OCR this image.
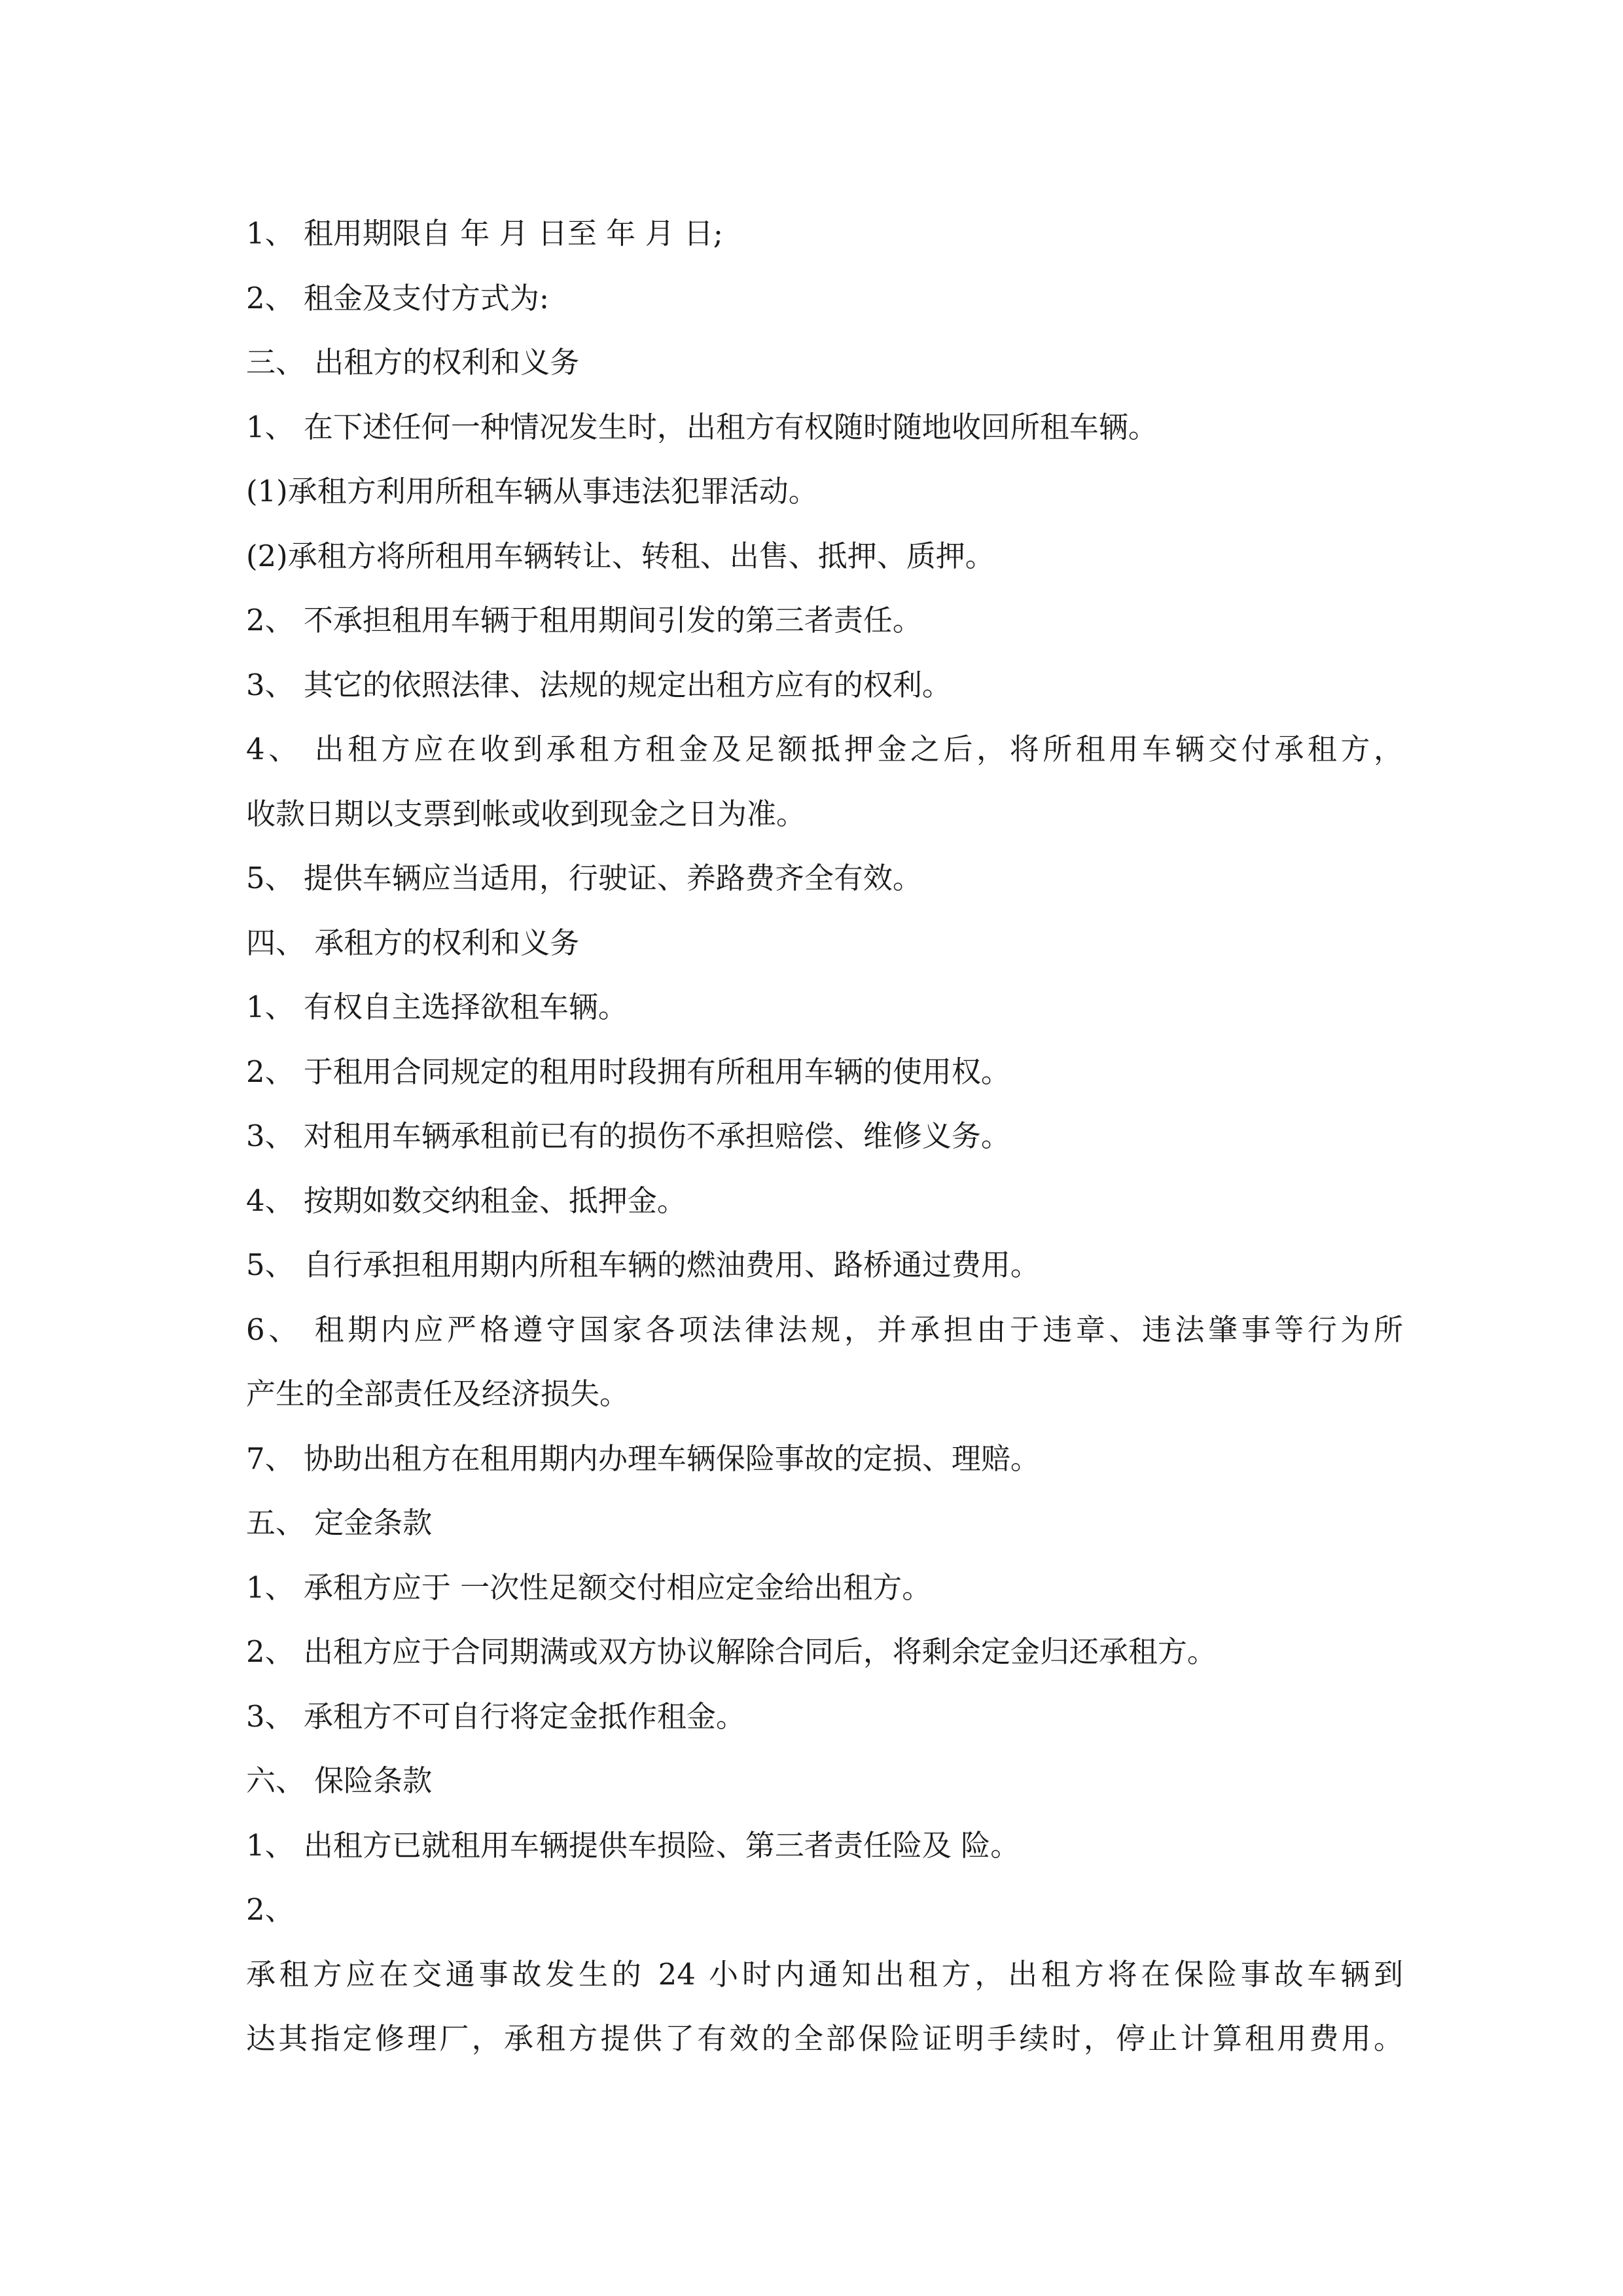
1、 租用期限自 年 月 日至 年 月 日;
2、 租金及支付方式为:
三、 出租方的权利和义务
1、 在下述任何一种情况发生时，出租方有权随时随地收回所租车辆。
(1)承租方利用所租车辆从事违法犯罪活动。
(2)承租方将所租用车辆转让、转租、出售、抵押、质押。
2、 不承担租用车辆于租用期间引发的第三者责任。
3、 其它的依照法律、法规的规定出租方应有的权利。
4、 出租方应在收到承租方租金及足额抵押金之后，将所租用车辆交付承租方，
收款日期以支票到帐或收到现金之日为准。
5、 提供车辆应当适用，行驶证、养路费齐全有效。
四、 承租方的权利和义务
1、 有权自主选择欲租车辆。
2、 于租用合同规定的租用时段拥有所租用车辆的使用权。
3、 对租用车辆承租前已有的损伤不承担赔偿、维修义务。
4、 按期如数交纳租金、抵押金。
5、 自行承担租用期内所租车辆的燃油费用、路桥通过费用。
6、 租期内应严格遵守国家各项法律法规，并承担由于违章、违法肇事等行为所
产生的全部责任及经济损失。
7、 协助出租方在租用期内办理车辆保险事故的定损、理赔。
五、 定金条款
1、 承租方应于 一次性足额交付相应定金给出租方。
2、 出租方应于合同期满或双方协议解除合同后，将剩余定金归还承租方。
3、 承租方不可自行将定金抵作租金。
六、 保险条款
1、 出租方已就租用车辆提供车损险、第三者责任险及 险。
2、
承租方应在交通事故发生的 24 小时内通知出租方，出租方将在保险事故车辆到
达其指定修理厂，承租方提供了有效的全部保险证明手续时，停止计算租用费用。
